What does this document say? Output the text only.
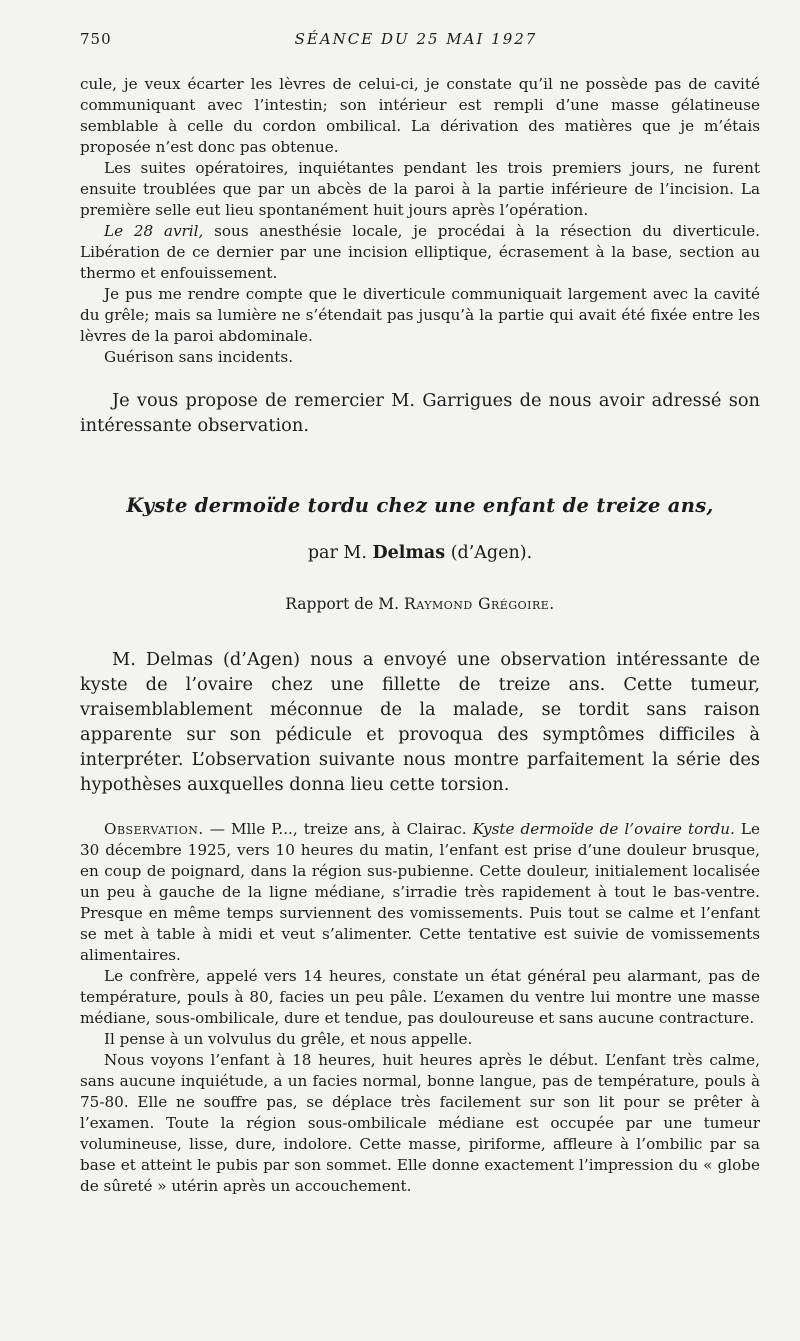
750	SÉANCE DU 25 MAI 1927

cule, je veux écarter les lèvres de celui-ci, je constate qu’il ne possède pas de cavité communiquant avec l’intestin; son intérieur est rempli d’une masse gélatineuse semblable à celle du cordon ombilical. La dérivation des matières que je m’étais proposée n’est donc pas obtenue.

Les suites opératoires, inquiétantes pendant les trois premiers jours, ne furent ensuite troublées que par un abcès de la paroi à la partie inférieure de l’incision. La première selle eut lieu spontanément huit jours après l’opération.

Le 28 avril, sous anesthésie locale, je procédai à la résection du diverticule. Libération de ce dernier par une incision elliptique, écrasement à la base, section au thermo et enfouissement.

Je pus me rendre compte que le diverticule communiquait largement avec la cavité du grêle; mais sa lumière ne s’étendait pas jusqu’à la partie qui avait été fixée entre les lèvres de la paroi abdominale.

Guérison sans incidents.

Je vous propose de remercier M. Garrigues de nous avoir adressé son intéressante observation.

Kyste dermoïde tordu chez une enfant de treize ans,

par M. Delmas (d’Agen).

Rapport de M. Raymond Grégoire.

M. Delmas (d’Agen) nous a envoyé une observation intéressante de kyste de l’ovaire chez une fillette de treize ans. Cette tumeur, vraisemblablement méconnue de la malade, se tordit sans raison apparente sur son pédicule et provoqua des symptômes difficiles à interpréter. L’observation suivante nous montre parfaitement la série des hypothèses auxquelles donna lieu cette torsion.

Observation. — Mlle P..., treize ans, à Clairac. Kyste dermoïde de l’ovaire tordu. Le 30 décembre 1925, vers 10 heures du matin, l’enfant est prise d’une douleur brusque, en coup de poignard, dans la région sus-pubienne. Cette douleur, initialement localisée un peu à gauche de la ligne médiane, s’irradie très rapidement à tout le bas-ventre. Presque en même temps surviennent des vomissements. Puis tout se calme et l’enfant se met à table à midi et veut s’alimenter. Cette tentative est suivie de vomissements alimentaires.

Le confrère, appelé vers 14 heures, constate un état général peu alarmant, pas de température, pouls à 80, facies un peu pâle. L’examen du ventre lui montre une masse médiane, sous-ombilicale, dure et tendue, pas douloureuse et sans aucune contracture.

Il pense à un volvulus du grêle, et nous appelle.

Nous voyons l’enfant à 18 heures, huit heures après le début. L’enfant très calme, sans aucune inquiétude, a un facies normal, bonne langue, pas de température, pouls à 75-80. Elle ne souffre pas, se déplace très facilement sur son lit pour se prêter à l’examen. Toute la région sous-ombilicale médiane est occupée par une tumeur volumineuse, lisse, dure, indolore. Cette masse, piriforme, affleure à l’ombilic par sa base et atteint le pubis par son sommet. Elle donne exactement l’impression du « globe de sûreté » utérin après un accouchement.
